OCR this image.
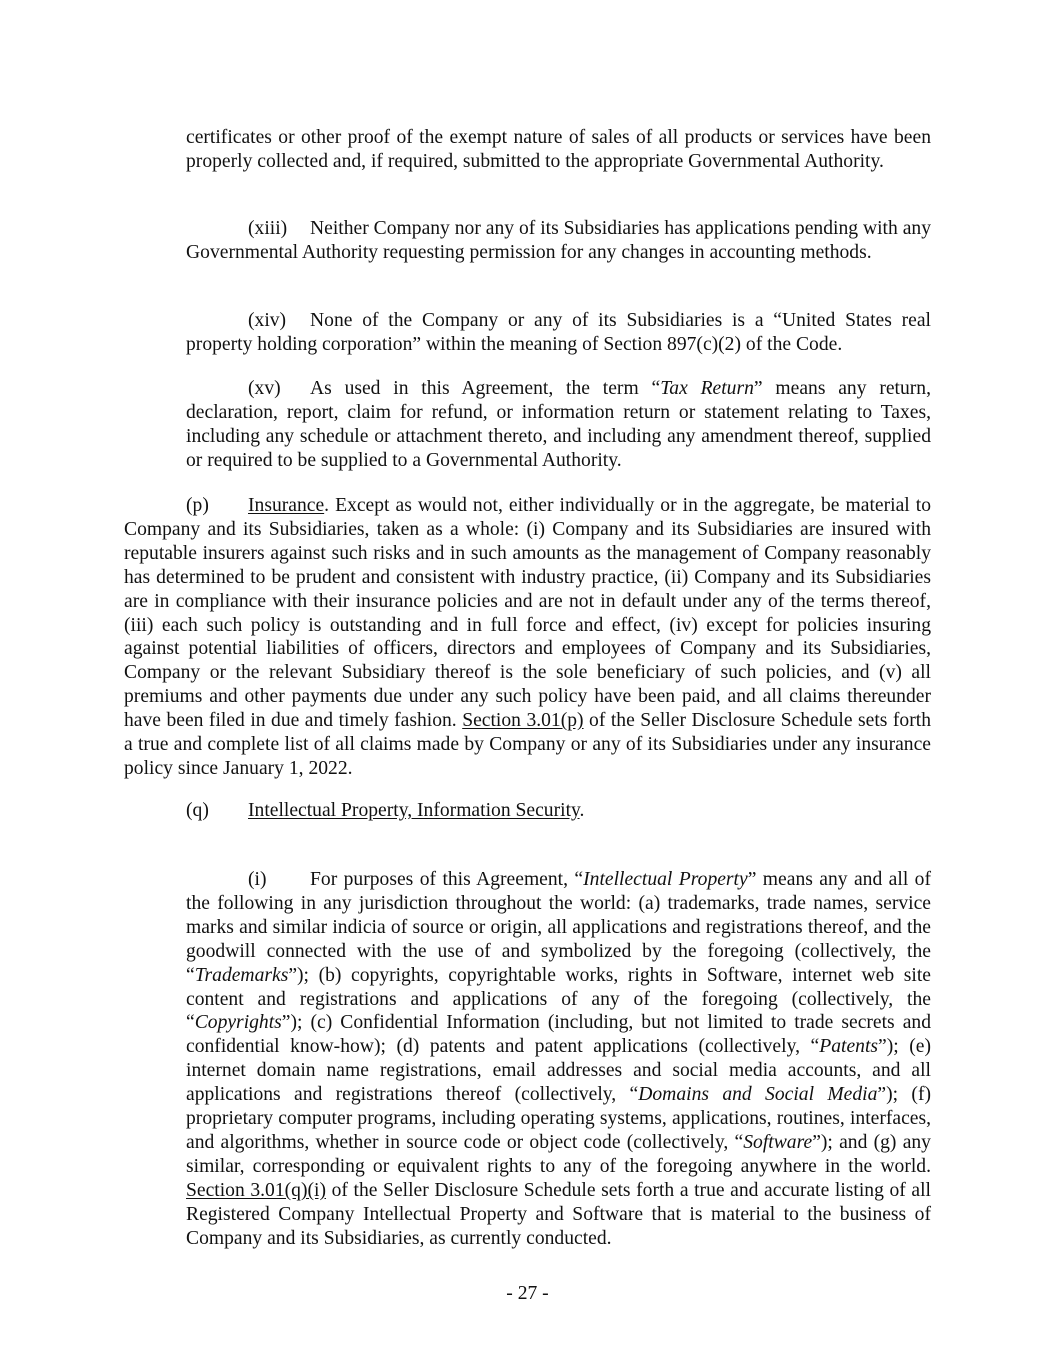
certificates or other proof of the exempt nature of sales of all products or services have been properly collected and, if required, submitted to the appropriate Governmental Authority.

(xiii) Neither Company nor any of its Subsidiaries has applications pending with any Governmental Authority requesting permission for any changes in accounting methods.

(xiv) None of the Company or any of its Subsidiaries is a “United States real property holding corporation” within the meaning of Section 897(c)(2) of the Code.

(xv) As used in this Agreement, the term “Tax Return” means any return, declaration, report, claim for refund, or information return or statement relating to Taxes, including any schedule or attachment thereto, and including any amendment thereof, supplied or required to be supplied to a Governmental Authority.

(p) Insurance. Except as would not, either individually or in the aggregate, be material to Company and its Subsidiaries, taken as a whole: (i) Company and its Subsidiaries are insured with reputable insurers against such risks and in such amounts as the management of Company reasonably has determined to be prudent and consistent with industry practice, (ii) Company and its Subsidiaries are in compliance with their insurance policies and are not in default under any of the terms thereof, (iii) each such policy is outstanding and in full force and effect, (iv) except for policies insuring against potential liabilities of officers, directors and employees of Company and its Subsidiaries, Company or the relevant Subsidiary thereof is the sole beneficiary of such policies, and (v) all premiums and other payments due under any such policy have been paid, and all claims thereunder have been filed in due and timely fashion. Section 3.01(p) of the Seller Disclosure Schedule sets forth a true and complete list of all claims made by Company or any of its Subsidiaries under any insurance policy since January 1, 2022.

(q) Intellectual Property, Information Security.

(i) For purposes of this Agreement, “Intellectual Property” means any and all of the following in any jurisdiction throughout the world: (a) trademarks, trade names, service marks and similar indicia of source or origin, all applications and registrations thereof, and the goodwill connected with the use of and symbolized by the foregoing (collectively, the “Trademarks”); (b) copyrights, copyrightable works, rights in Software, internet web site content and registrations and applications of any of the foregoing (collectively, the “Copyrights”); (c) Confidential Information (including, but not limited to trade secrets and confidential know-how); (d) patents and patent applications (collectively, “Patents”); (e) internet domain name registrations, email addresses and social media accounts, and all applications and registrations thereof (collectively, “Domains and Social Media”); (f) proprietary computer programs, including operating systems, applications, routines, interfaces, and algorithms, whether in source code or object code (collectively, “Software”); and (g) any similar, corresponding or equivalent rights to any of the foregoing anywhere in the world. Section 3.01(q)(i) of the Seller Disclosure Schedule sets forth a true and accurate listing of all Registered Company Intellectual Property and Software that is material to the business of Company and its Subsidiaries, as currently conducted.

- 27 -
